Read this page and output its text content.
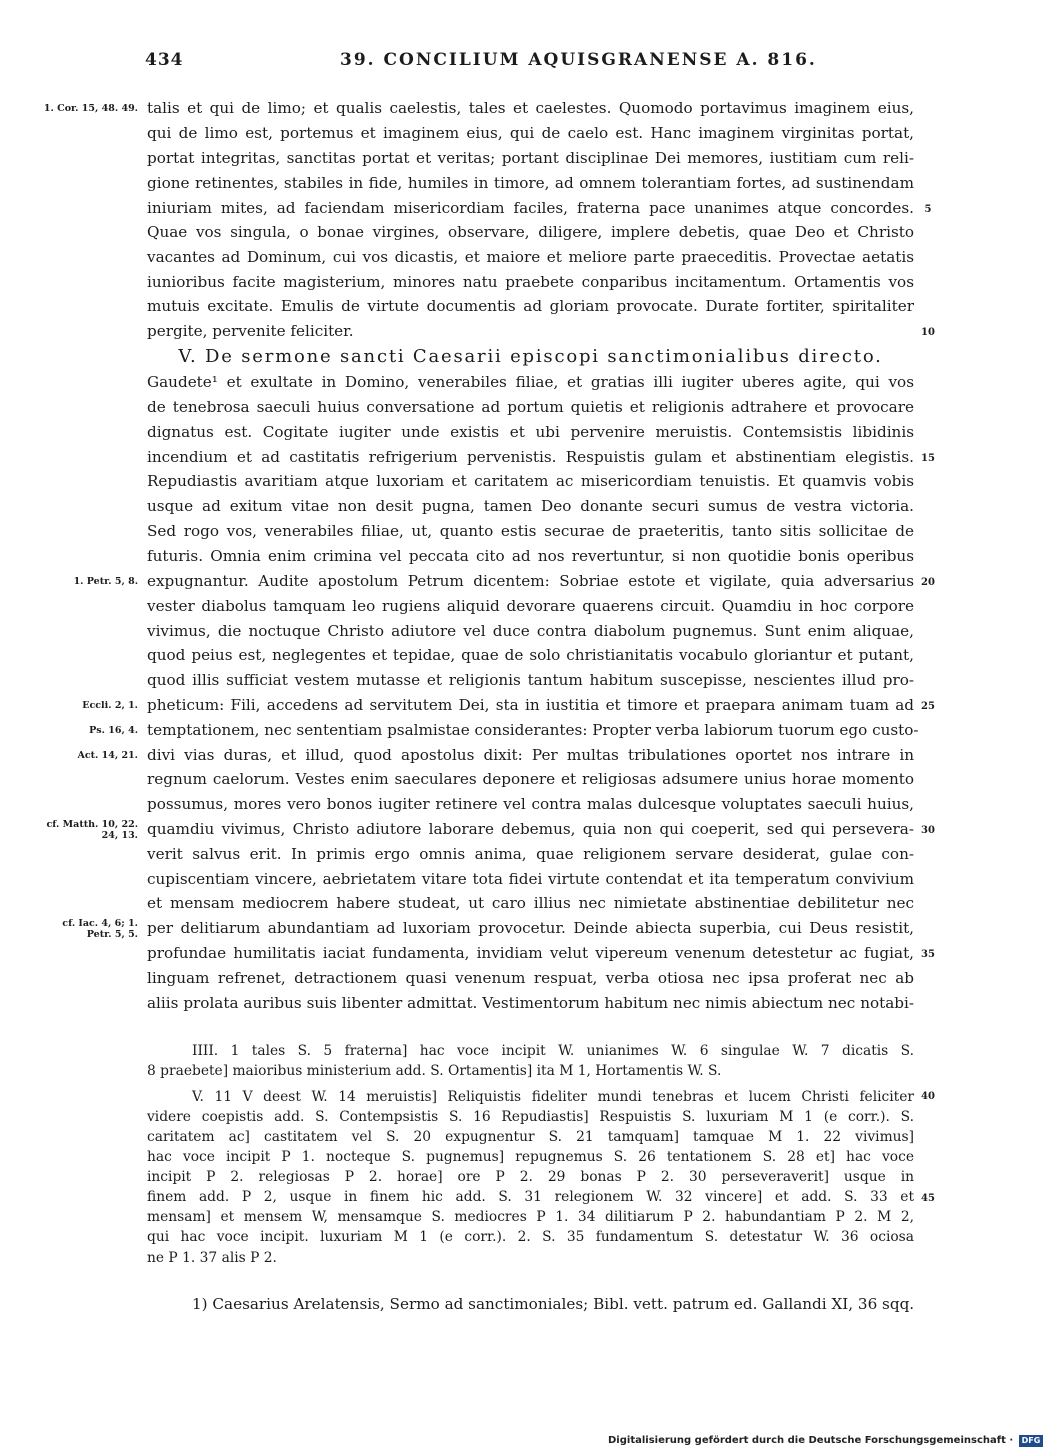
434	39. CONCILIUM AQUISGRANENSE A. 816.
talis et qui de limo; et qualis caelestis, tales et caelestes. Quomodo portavimus imaginem eius,
qui de limo est, portemus et imaginem eius, qui de caelo est. Hanc imaginem virginitas portat,
portat integritas, sanctitas portat et veritas; portant disciplinae Dei memores, iustitiam cum reli-
gione retinentes, stabiles in fide, humiles in timore, ad omnem tolerantiam fortes, ad sustinendam
iniuriam mites, ad faciendam misericordiam faciles, fraterna pace unanimes atque concordes.
Quae vos singula, o bonae virgines, observare, diligere, implere debetis, quae Deo et Christo
vacantes ad Dominum, cui vos dicastis, et maiore et meliore parte praeceditis. Provectae aetatis
iunioribus facite magisterium, minores natu praebete conparibus incitamentum. Ortamentis vos
mutuis excitate. Emulis de virtute documentis ad gloriam provocate. Durate fortiter, spiritaliter
pergite, pervenite feliciter.
V. De sermone sancti Caesarii episcopi sanctimonialibus directo.
Gaudete¹ et exultate in Domino, venerabiles filiae, et gratias illi iugiter uberes agite, qui vos
de tenebrosa saeculi huius conversatione ad portum quietis et religionis adtrahere et provocare
dignatus est. Cogitate iugiter unde existis et ubi pervenire meruistis. Contemsistis libidinis
incendium et ad castitatis refrigerium pervenistis. Respuistis gulam et abstinentiam elegistis.
Repudiastis avaritiam atque luxoriam et caritatem ac misericordiam tenuistis. Et quamvis vobis
usque ad exitum vitae non desit pugna, tamen Deo donante securi sumus de vestra victoria.
Sed rogo vos, venerabiles filiae, ut, quanto estis securae de praeteritis, tanto sitis sollicitae de
futuris. Omnia enim crimina vel peccata cito ad nos revertuntur, si non quotidie bonis operibus
expugnantur. Audite apostolum Petrum dicentem: Sobriae estote et vigilate, quia adversarius
vester diabolus tamquam leo rugiens aliquid devorare quaerens circuit. Quamdiu in hoc corpore
vivimus, die noctuque Christo adiutore vel duce contra diabolum pugnemus. Sunt enim aliquae,
quod peius est, neglegentes et tepidae, quae de solo christianitatis vocabulo gloriantur et putant,
quod illis sufficiat vestem mutasse et religionis tantum habitum suscepisse, nescientes illud pro-
pheticum: Fili, accedens ad servitutem Dei, sta in iustitia et timore et praepara animam tuam ad
temptationem, nec sententiam psalmistae considerantes: Propter verba labiorum tuorum ego custo-
divi vias duras, et illud, quod apostolus dixit: Per multas tribulationes oportet nos intrare in
regnum caelorum. Vestes enim saeculares deponere et religiosas adsumere unius horae momento
possumus, mores vero bonos iugiter retinere vel contra malas dulcesque voluptates saeculi huius,
quamdiu vivimus, Christo adiutore laborare debemus, quia non qui coeperit, sed qui persevera-
verit salvus erit. In primis ergo omnis anima, quae religionem servare desiderat, gulae con-
cupiscentiam vincere, aebrietatem vitare tota fidei virtute contendat et ita temperatum convivium
et mensam mediocrem habere studeat, ut caro illius nec nimietate abstinentiae debilitetur nec
per delitiarum abundantiam ad luxoriam provocetur. Deinde abiecta superbia, cui Deus resistit,
profundae humilitatis iaciat fundamenta, invidiam velut vipereum venenum detestetur ac fugiat,
linguam refrenet, detractionem quasi venenum respuat, verba otiosa nec ipsa proferat nec ab
aliis prolata auribus suis libenter admittat. Vestimentorum habitum nec nimis abiectum nec notabi-
1. Cor. 15, 48. 49.
1. Petr. 5, 8.
Eccli. 2, 1.
Ps. 16, 4.
Act. 14, 21.
cf. Matth. 10, 22. 24, 13.
cf. Iac. 4, 6; 1. Petr. 5, 5.
5
10
15
20
25
30
35
IIII. 1 tales S. 5 fraterna] hac voce incipit W. unianimes W. 6 singulae W. 7 dicatis S.
8 praebete] maioribus ministerium add. S. Ortamentis] ita M 1, Hortamentis W. S.
V. 11 V deest W. 14 meruistis] Reliquistis fideliter mundi tenebras et lucem Christi feliciter
videre coepistis add. S. Contempsistis S. 16 Repudiastis] Respuistis S. luxuriam M 1 (e corr.). S.
caritatem ac] castitatem vel S. 20 expugnentur S. 21 tamquam] tamquae M 1. 22 vivimus]
hac voce incipit P 1. nocteque S. pugnemus] repugnemus S. 26 tentationem S. 28 et] hac voce
incipit P 2. relegiosas P 2. horae] ore P 2. 29 bonas P 2. 30 perseveraverit] usque in
finem add. P 2, usque in finem hic add. S. 31 relegionem W. 32 vincere] et add. S. 33 et
mensam] et mensem W, mensamque S. mediocres P 1. 34 dilitiarum P 2. habundantiam P 2. M 2,
qui hac voce incipit. luxuriam M 1 (e corr.). 2. S. 35 fundamentum S. detestatur W. 36 ociosa
ne P 1. 37 alis P 2.
40
45
1) Caesarius Arelatensis, Sermo ad sanctimoniales; Bibl. vett. patrum ed. Gallandi XI, 36 sqq.
Digitalisierung gefördert durch die Deutsche Forschungsgemeinschaft · DFG
